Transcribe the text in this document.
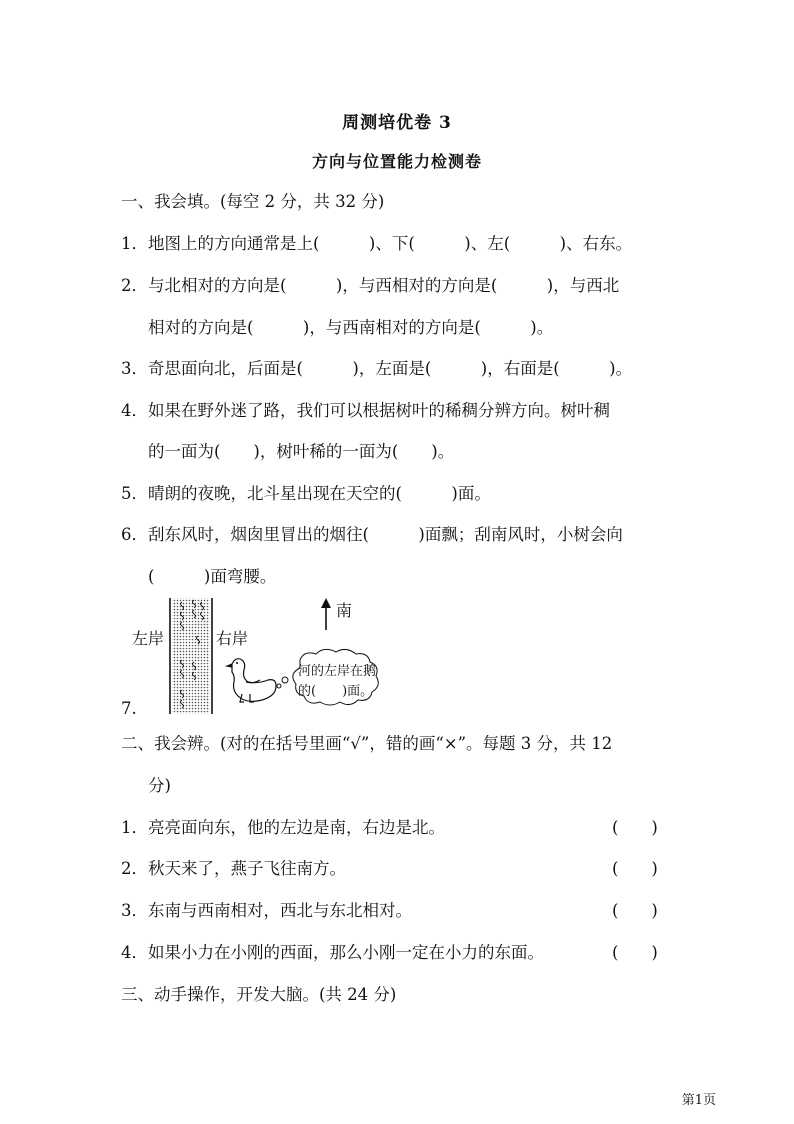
周测培优卷 3
方向与位置能力检测卷
一、我会填。(每空 2 分，共 32 分)
1．地图上的方向通常是上(　　　)、下(　　　)、左(　　　)、右东。
2．与北相对的方向是(　　　)，与西相对的方向是(　　　)，与西北
相对的方向是(　　　)，与西南相对的方向是(　　　)。
3．奇思面向北，后面是(　　　)，左面是(　　　)，右面是(　　　)。
4．如果在野外迷了路，我们可以根据树叶的稀稠分辨方向。树叶稠
的一面为(　　)，树叶稀的一面为(　　)。
5．晴朗的夜晚，北斗星出现在天空的(　　　)面。
6．刮东风时，烟囱里冒出的烟往(　　　)面飘；刮南风时，小树会向
(　　　)面弯腰。
7.
左岸	右岸
南
河的左岸在鹅
的(　　)面。
二、我会辨。(对的在括号里画“√”，错的画“×”。每题 3 分，共 12
分)
1．亮亮面向东，他的左边是南，右边是北。	(　　)
2．秋天来了，燕子飞往南方。	(　　)
3．东南与西南相对，西北与东北相对。	(　　)
4．如果小力在小刚的西面，那么小刚一定在小力的东面。	(　　)
三、动手操作，开发大脑。(共 24 分)
第1页
